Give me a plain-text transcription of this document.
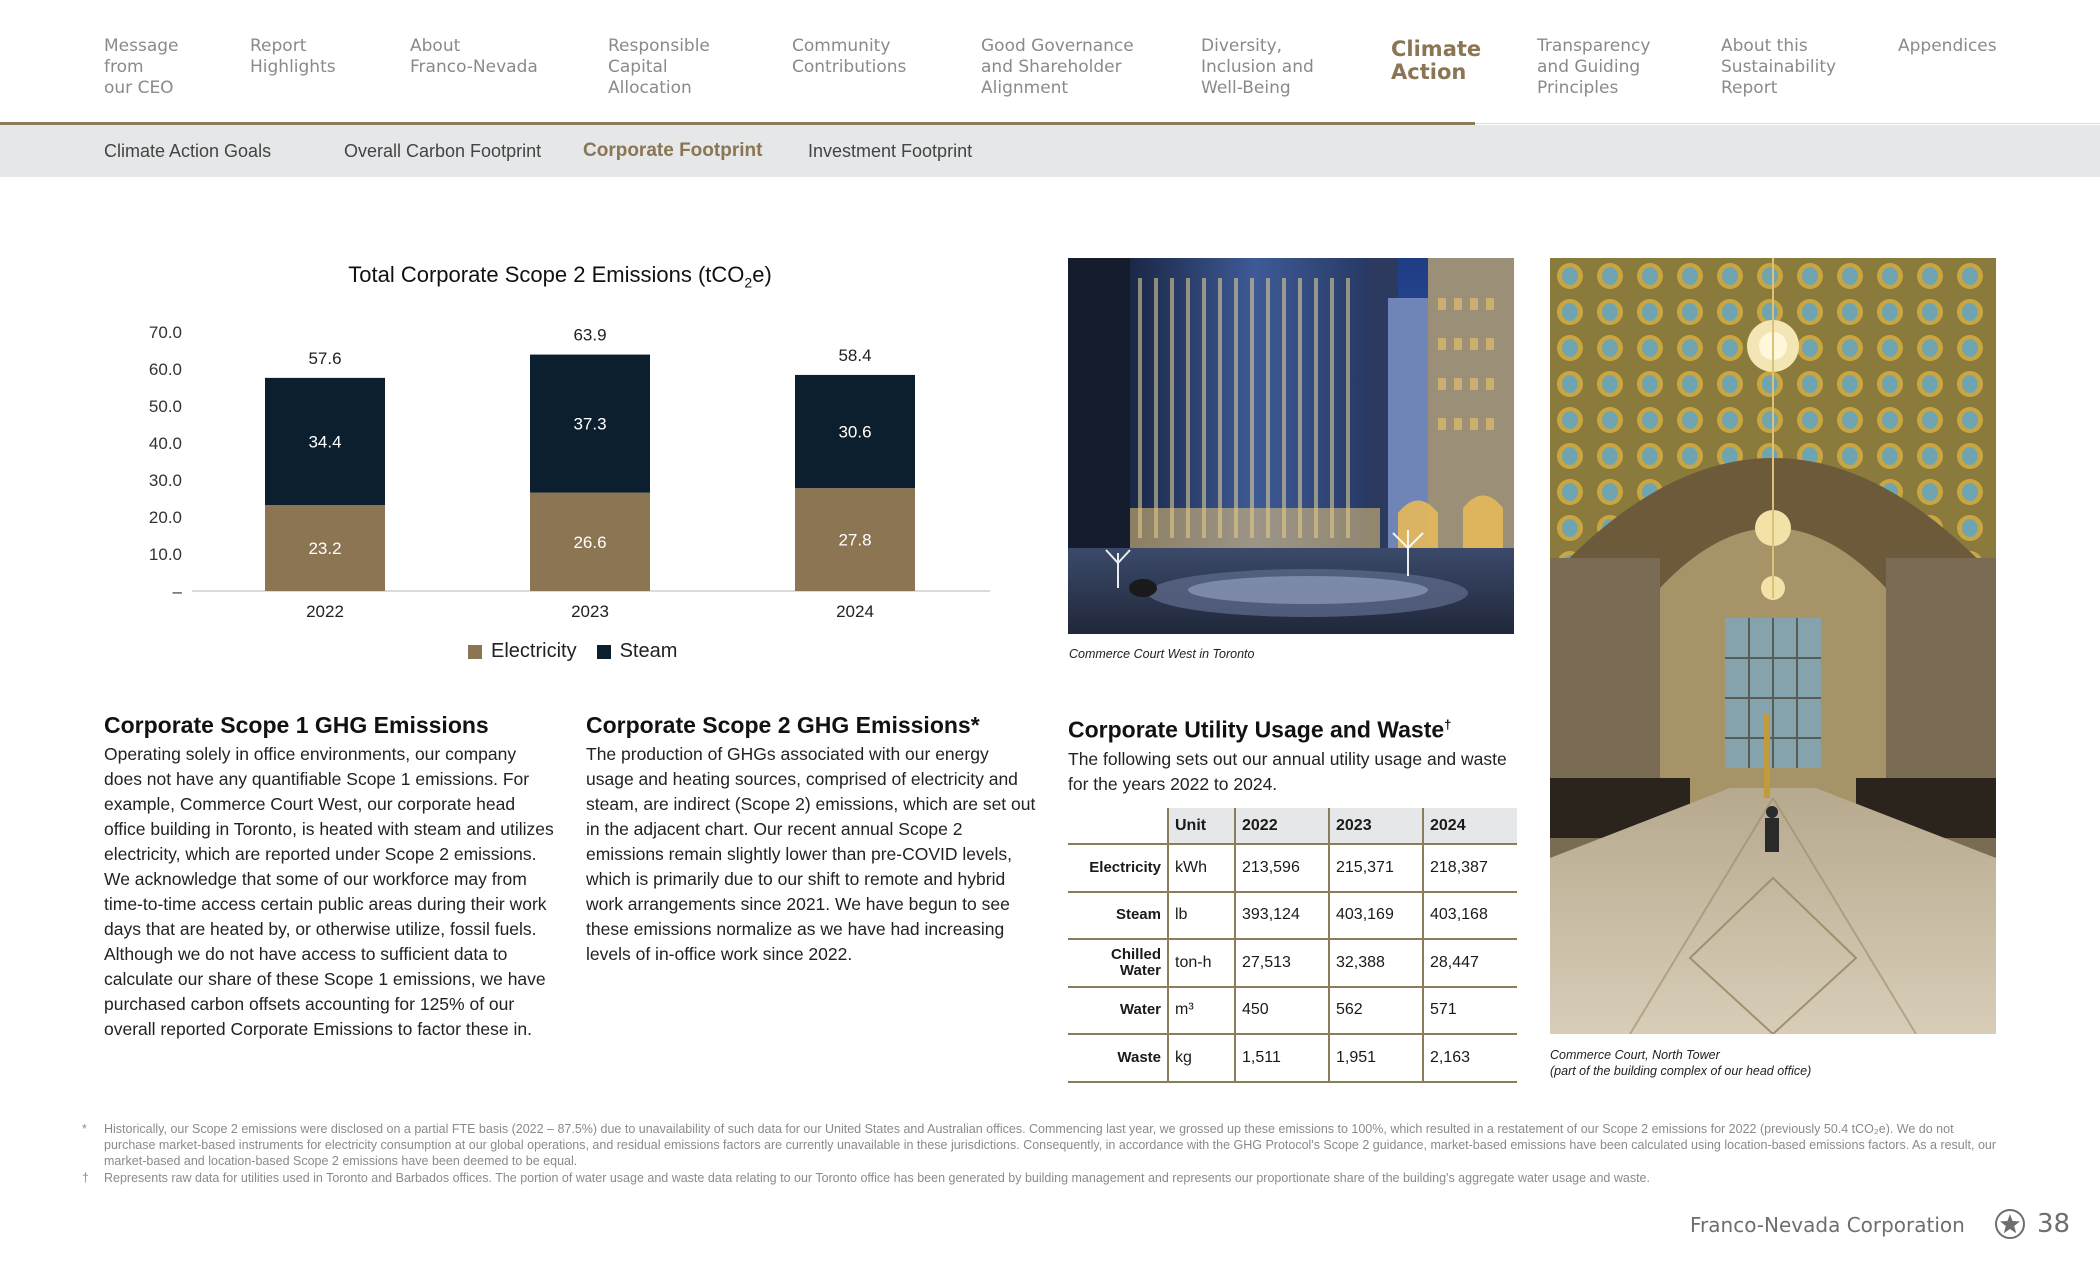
Message
from
our CEO
Report
Highlights
About
Franco-Nevada
Responsible
Capital
Allocation
Community
Contributions
Good Governance
and Shareholder
Alignment
Diversity,
Inclusion and
Well-Being
Climate
Action
Transparency
and Guiding
Principles
About this
Sustainability
Report
Appendices
Climate Action Goals	Overall Carbon Footprint Corporate Footprint	Investment Footprint
Total Corporate Scope 2 Emissions (tCO$_2$e)
–
10.0
20.0
30.0
40.0
50.0
60.0
70.0
23.2
34.4
57.6
2022
26.6
37.3
63.9
2023
27.8
30.6
58.4
2024
Electricity Steam
Corporate Scope 1 GHG Emissions

Operating solely in office environments, our company does not have any quantifiable Scope 1 emissions. For example, Commerce Court West, our corporate head office building in Toronto, is heated with steam and utilizes electricity, which are reported under Scope 2 emissions. We acknowledge that some of our workforce may from time-to-time access certain public areas during their work days that are heated by, or otherwise utilize, fossil fuels. Although we do not have access to sufficient data to calculate our share of these Scope 1 emissions, we have purchased carbon offsets accounting for 125% of our overall reported Corporate Emissions to factor these in.

Corporate Scope 2 GHG Emissions*

The production of GHGs associated with our energy usage and heating sources, comprised of electricity and steam, are indirect (Scope 2) emissions, which are set out in the adjacent chart. Our recent annual Scope 2 emissions remain slightly lower than pre-COVID levels, which is primarily due to our shift to remote and hybrid work arrangements since 2021. We have begun to see these emissions normalize as we have had increasing levels of in-office work since 2022.

Corporate Utility Usage and Waste†

The following sets out our annual utility usage and waste for the years 2022 to 2024.

	Unit	2022	2023	2024
Electricity	kWh	213,596	215,371	218,387
Steam	lb	393,124	403,169	403,168
Chilled Water	ton-h	27,513	32,388	28,447
Water	m³	450	562	571
Waste	kg	1,511	1,951	2,163
Commerce Court West in Toronto
Commerce Court, North Tower
(part of the building complex of our head office)
* Historically, our Scope 2 emissions were disclosed on a partial FTE basis (2022 – 87.5%) due to unavailability of such data for our United States and Australian offices. Commencing last year, we grossed up these emissions to 100%, which resulted in a restatement of our Scope 2 emissions for 2022 (previously 50.4 tCO₂e). We do not purchase market-based instruments for electricity consumption at our global operations, and residual emissions factors are currently unavailable in these jurisdictions. Consequently, in accordance with the GHG Protocol's Scope 2 guidance, market-based emissions have been calculated using location-based emissions factors. As a result, our market-based and location-based Scope 2 emissions have been deemed to be equal.
† Represents raw data for utilities used in Toronto and Barbados offices. The portion of water usage and waste data relating to our Toronto office has been generated by building management and represents our proportionate share of the building's aggregate water usage and waste.
Franco-Nevada Corporation	38
